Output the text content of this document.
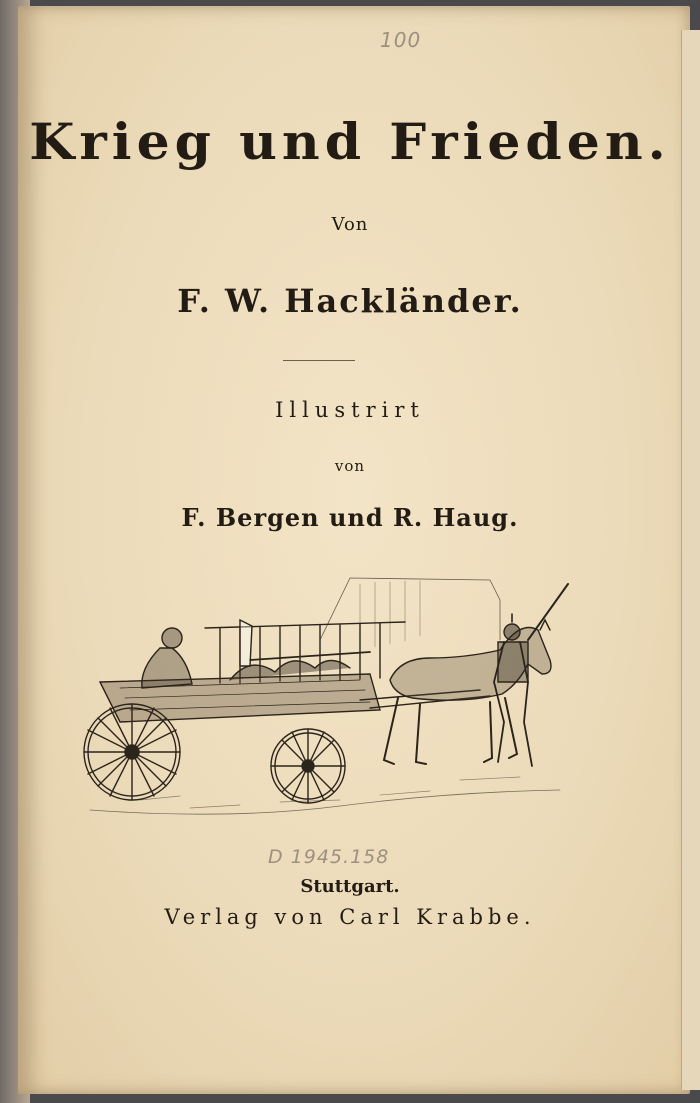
100
Krieg und Frieden.
Von
F. W. Hackländer.
Illustrirt
von
F. Bergen und R. Haug.
D 1945.158
Stuttgart.
Verlag von Carl Krabbe.
